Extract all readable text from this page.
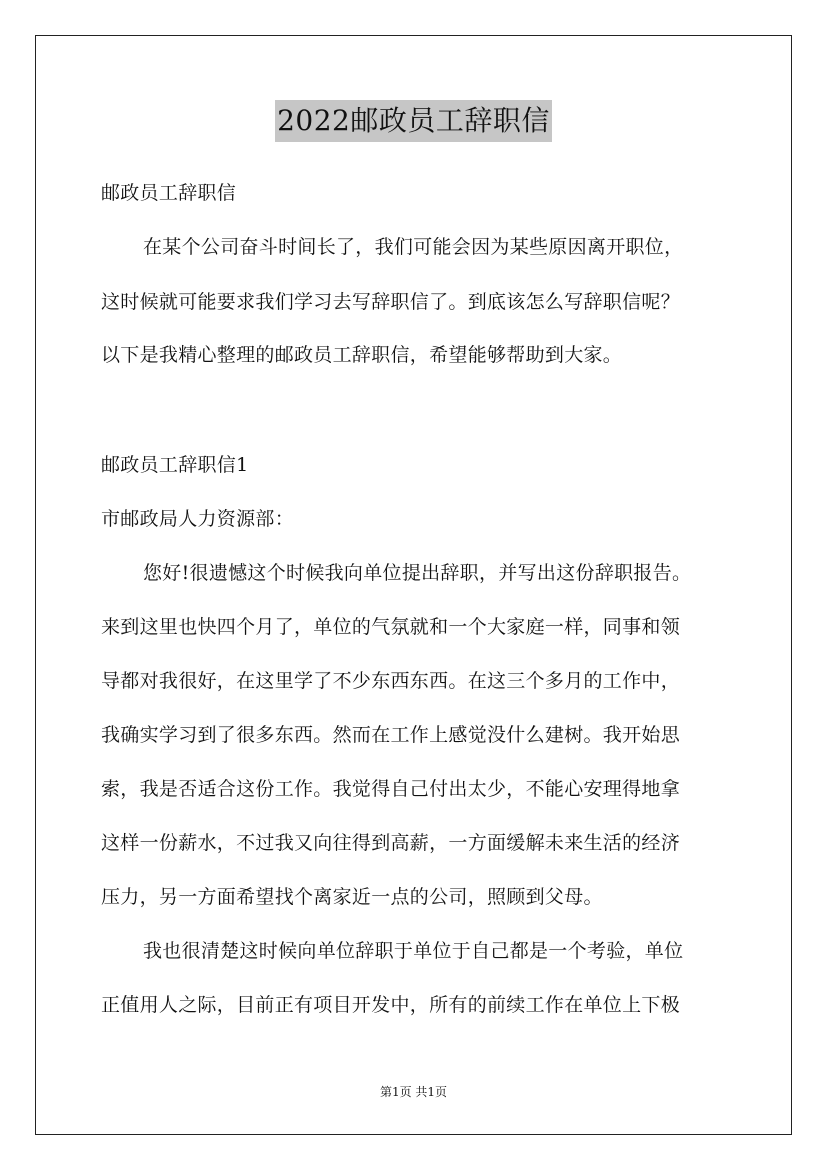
2022邮政员工辞职信
邮政员工辞职信
在某个公司奋斗时间长了，我们可能会因为某些原因离开职位，
这时候就可能要求我们学习去写辞职信了。到底该怎么写辞职信呢？
以下是我精心整理的邮政员工辞职信，希望能够帮助到大家。
邮政员工辞职信1
市邮政局人力资源部：
您好!很遗憾这个时候我向单位提出辞职，并写出这份辞职报告。
来到这里也快四个月了，单位的气氛就和一个大家庭一样，同事和领
导都对我很好，在这里学了不少东西东西。在这三个多月的工作中，
我确实学习到了很多东西。然而在工作上感觉没什么建树。我开始思
索，我是否适合这份工作。我觉得自己付出太少，不能心安理得地拿
这样一份薪水，不过我又向往得到高薪，一方面缓解未来生活的经济
压力，另一方面希望找个离家近一点的公司，照顾到父母。
我也很清楚这时候向单位辞职于单位于自己都是一个考验，单位
正值用人之际，目前正有项目开发中，所有的前续工作在单位上下极
第1页 共1页
